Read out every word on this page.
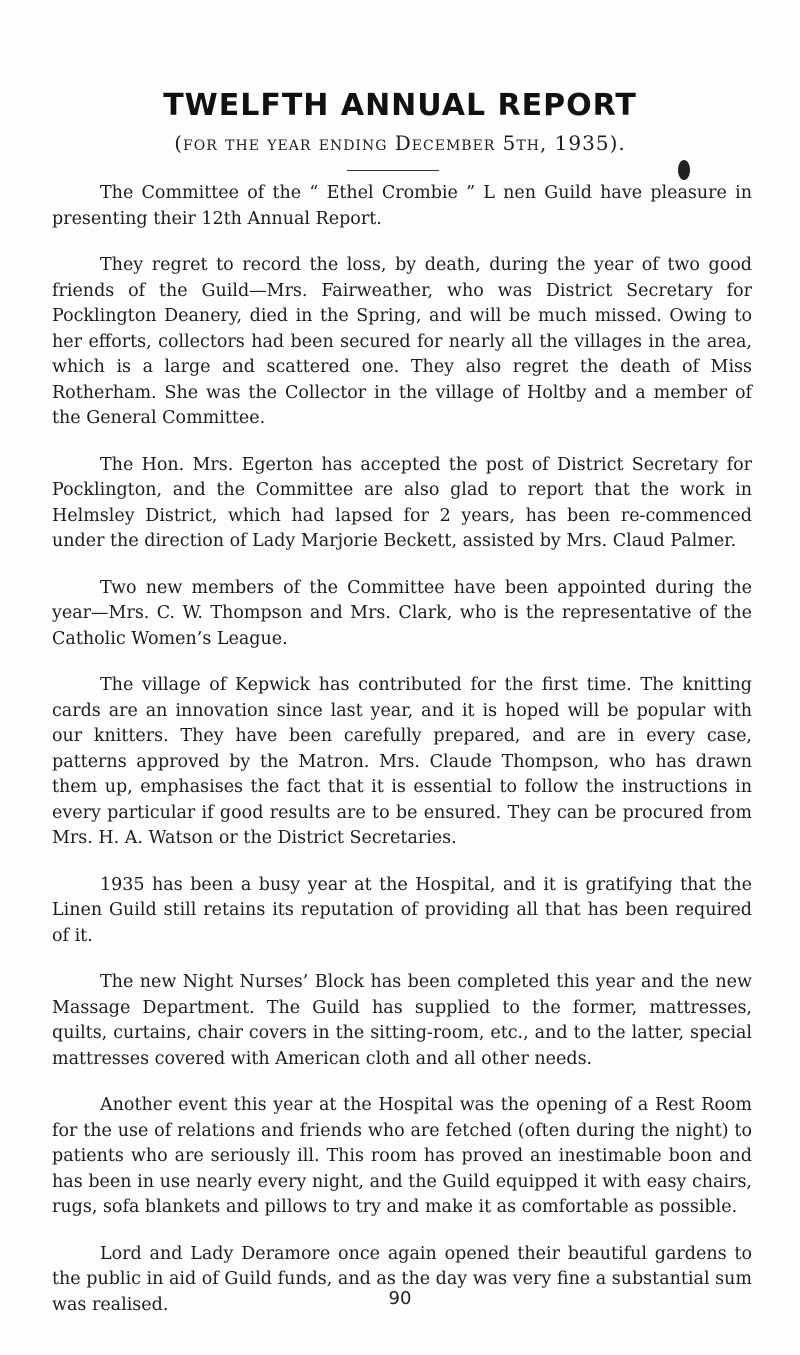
TWELFTH ANNUAL REPORT

(for the year ending December 5th, 1935).

The Committee of the “ Ethel Crombie ” L nen Guild have pleasure in presenting their 12th Annual Report.

They regret to record the loss, by death, during the year of two good friends of the Guild—Mrs. Fairweather, who was District Secretary for Pocklington Deanery, died in the Spring, and will be much missed. Owing to her efforts, collectors had been secured for nearly all the villages in the area, which is a large and scattered one. They also regret the death of Miss Rotherham. She was the Collector in the village of Holtby and a member of the General Committee.

The Hon. Mrs. Egerton has accepted the post of District Secretary for Pocklington, and the Committee are also glad to report that the work in Helmsley District, which had lapsed for 2 years, has been re-commenced under the direction of Lady Marjorie Beckett, assisted by Mrs. Claud Palmer.

Two new members of the Committee have been appointed during the year—Mrs. C. W. Thompson and Mrs. Clark, who is the representative of the Catholic Women’s League.

The village of Kepwick has contributed for the first time. The knitting cards are an innovation since last year, and it is hoped will be popular with our knitters. They have been carefully prepared, and are in every case, patterns approved by the Matron. Mrs. Claude Thompson, who has drawn them up, emphasises the fact that it is essential to follow the instructions in every particular if good results are to be ensured. They can be procured from Mrs. H. A. Watson or the District Secretaries.

1935 has been a busy year at the Hospital, and it is gratifying that the Linen Guild still retains its reputation of providing all that has been required of it.

The new Night Nurses’ Block has been completed this year and the new Massage Department. The Guild has supplied to the former, mattresses, quilts, curtains, chair covers in the sitting-room, etc., and to the latter, special mattresses covered with American cloth and all other needs.

Another event this year at the Hospital was the opening of a Rest Room for the use of relations and friends who are fetched (often during the night) to patients who are seriously ill. This room has proved an inestimable boon and has been in use nearly every night, and the Guild equipped it with easy chairs, rugs, sofa blankets and pillows to try and make it as comfortable as possible.

Lord and Lady Deramore once again opened their beautiful gardens to the public in aid of Guild funds, and as the day was very fine a substantial sum was realised.	90
